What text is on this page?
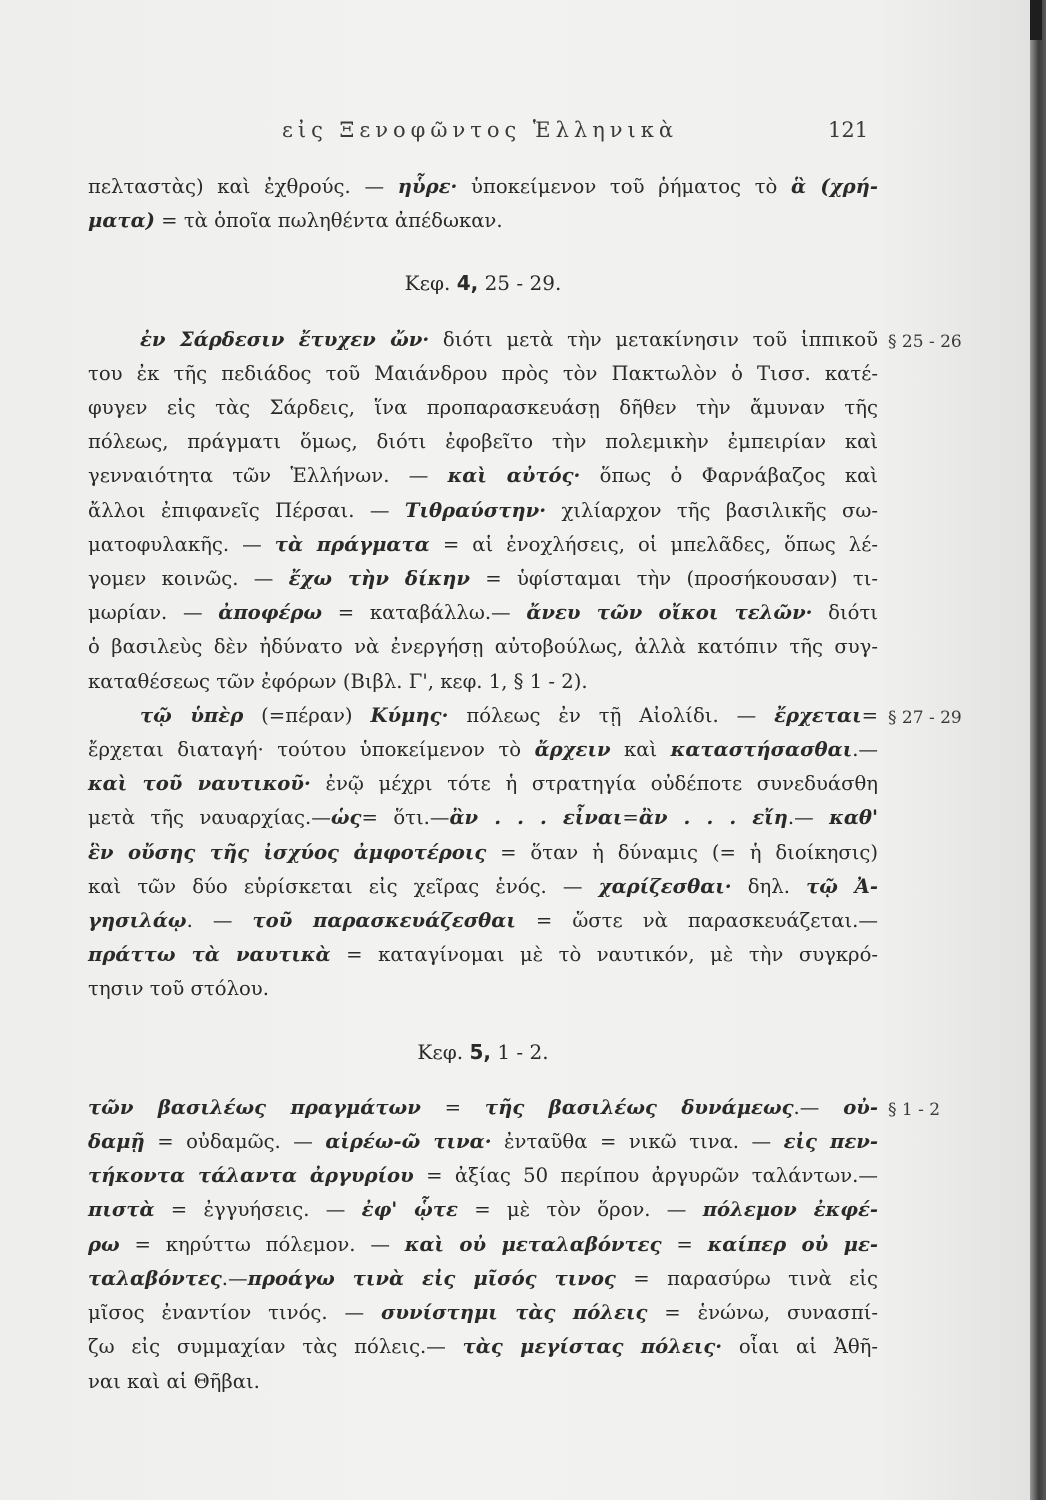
εἰς Ξενοφῶντος Ἑλληνικὰ	121
§ 25 - 26
§ 27 - 29
§ 1 - 2
πελταστὰς) καὶ ἐχθρούς. — ηὗρε· ὑποκείμενον τοῦ ῥήματος τὸ ἃ (χρή-
ματα) = τὰ ὁποῖα πωληθέντα ἀπέδωκαν.
Κεφ. 4, 25 - 29.
ἐν Σάρδεσιν ἔτυχεν ὤν· διότι μετὰ τὴν μετακίνησιν τοῦ ἱππικοῦ
του ἐκ τῆς πεδιάδος τοῦ Μαιάνδρου πρὸς τὸν Πακτωλὸν ὁ Τισσ. κατέ-
φυγεν εἰς τὰς Σάρδεις, ἵνα προπαρασκευάσῃ δῆθεν τὴν ἄμυναν τῆς
πόλεως, πράγματι ὅμως, διότι ἐφοβεῖτο τὴν πολεμικὴν ἐμπειρίαν καὶ
γενναιότητα τῶν Ἑλλήνων. — καὶ αὐτός· ὅπως ὁ Φαρνάβαζος καὶ
ἄλλοι ἐπιφανεῖς Πέρσαι. — Τιθραύστην· χιλίαρχον τῆς βασιλικῆς σω-
ματοφυλακῆς. — τὰ πράγματα = αἱ ἐνοχλήσεις, οἱ μπελᾶδες, ὅπως λέ-
γομεν κοινῶς. — ἔχω τὴν δίκην = ὑφίσταμαι τὴν (προσήκουσαν) τι-
μωρίαν. — ἀποφέρω = καταβάλλω.— ἄνευ τῶν οἴκοι τελῶν· διότι
ὁ βασιλεὺς δὲν ἠδύνατο νὰ ἐνεργήσῃ αὐτοβούλως, ἀλλὰ κατόπιν τῆς συγ-
καταθέσεως τῶν ἐφόρων (Βιβλ. Γ', κεφ. 1, § 1 - 2).
τῷ ὑπὲρ (=πέραν) Κύμης· πόλεως ἐν τῇ Αἰολίδι. — ἔρχεται=
ἔρχεται διαταγή· τούτου ὑποκείμενον τὸ ἄρχειν καὶ καταστήσασθαι.—
καὶ τοῦ ναυτικοῦ· ἐνῷ μέχρι τότε ἡ στρατηγία οὐδέποτε συνεδυάσθη
μετὰ τῆς ναυαρχίας.—ὡς= ὅτι.—ἂν . . . εἶναι=ἂν . . . εἴη.— καθ'
ἓν οὔσης τῆς ἰσχύος ἀμφοτέροις = ὅταν ἡ δύναμις (= ἡ διοίκησις)
καὶ τῶν δύο εὑρίσκεται εἰς χεῖρας ἑνός. — χαρίζεσθαι· δηλ. τῷ Ἀ-
γησιλάῳ. — τοῦ παρασκευάζεσθαι = ὥστε νὰ παρασκευάζεται.—
πράττω τὰ ναυτικὰ = καταγίνομαι μὲ τὸ ναυτικόν, μὲ τὴν συγκρό-
τησιν τοῦ στόλου.
Κεφ. 5, 1 - 2.
τῶν βασιλέως πραγμάτων = τῆς βασιλέως δυνάμεως.— οὐ-
δαμῇ = οὐδαμῶς. — αἱρέω-ῶ τινα· ἐνταῦθα = νικῶ τινα. — εἰς πεν-
τήκοντα τάλαντα ἀργυρίου = ἀξίας 50 περίπου ἀργυρῶν ταλάντων.—
πιστὰ = ἐγγυήσεις. — ἐφ' ᾧτε = μὲ τὸν ὅρον. — πόλεμον ἐκφέ-
ρω = κηρύττω πόλεμον. — καὶ οὐ μεταλαβόντες = καίπερ οὐ με-
ταλαβόντες.—προάγω τινὰ εἰς μῖσός τινος = παρασύρω τινὰ εἰς
μῖσος ἐναντίον τινός. — συνίστημι τὰς πόλεις = ἑνώνω, συνασπί-
ζω εἰς συμμαχίαν τὰς πόλεις.— τὰς μεγίστας πόλεις· οἷαι αἱ Ἀθῆ-
ναι καὶ αἱ Θῆβαι.
